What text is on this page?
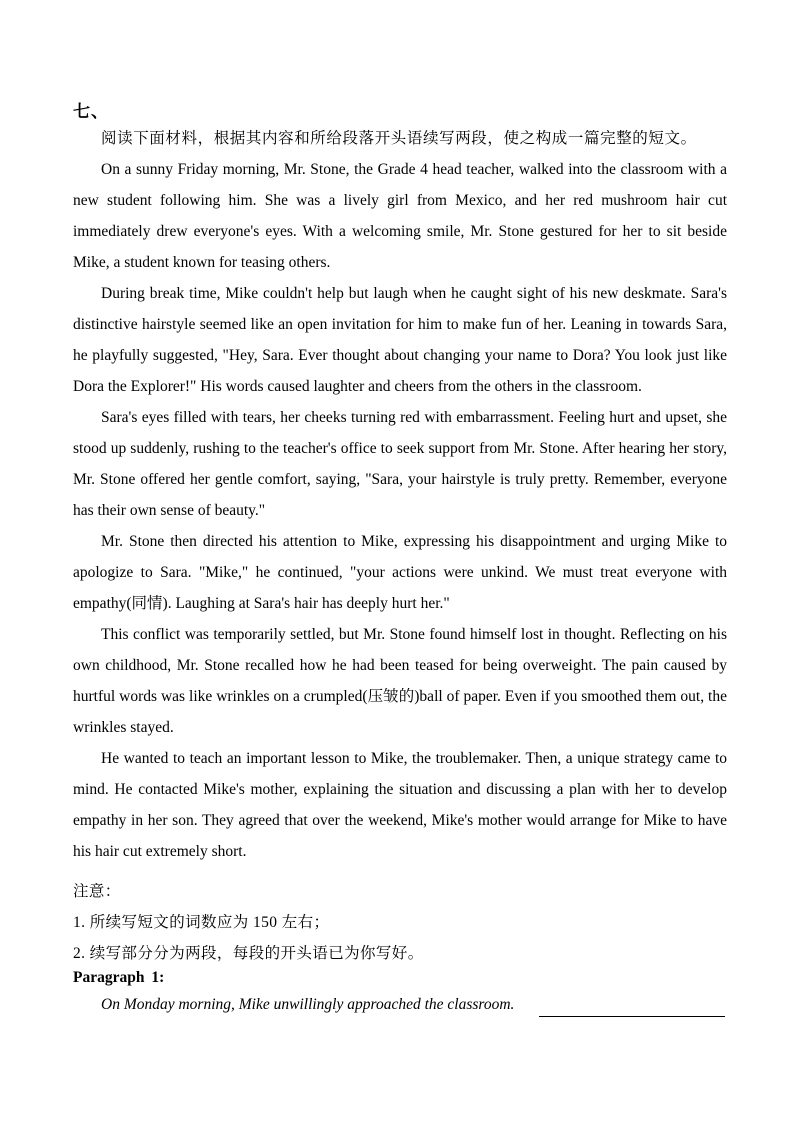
七、
阅读下面材料，根据其内容和所给段落开头语续写两段，使之构成一篇完整的短文。

On a sunny Friday morning, Mr. Stone, the Grade 4 head teacher, walked into the classroom with a new student following him. She was a lively girl from Mexico, and her red mushroom hair cut immediately drew everyone's eyes. With a welcoming smile, Mr. Stone gestured for her to sit beside Mike, a student known for teasing others.

During break time, Mike couldn't help but laugh when he caught sight of his new deskmate. Sara's distinctive hairstyle seemed like an open invitation for him to make fun of her. Leaning in towards Sara, he playfully suggested, "Hey, Sara. Ever thought about changing your name to Dora? You look just like Dora the Explorer!" His words caused laughter and cheers from the others in the classroom.

Sara's eyes filled with tears, her cheeks turning red with embarrassment. Feeling hurt and upset, she stood up suddenly, rushing to the teacher's office to seek support from Mr. Stone. After hearing her story, Mr. Stone offered her gentle comfort, saying, "Sara, your hairstyle is truly pretty. Remember, everyone has their own sense of beauty."

Mr. Stone then directed his attention to Mike, expressing his disappointment and urging Mike to apologize to Sara. "Mike," he continued, "your actions were unkind. We must treat everyone with empathy(同情). Laughing at Sara's hair has deeply hurt her."

This conflict was temporarily settled, but Mr. Stone found himself lost in thought. Reflecting on his own childhood, Mr. Stone recalled how he had been teased for being overweight. The pain caused by hurtful words was like wrinkles on a crumpled(压皱的)ball of paper. Even if you smoothed them out, the wrinkles stayed.

He wanted to teach an important lesson to Mike, the troublemaker. Then, a unique strategy came to mind. He contacted Mike's mother, explaining the situation and discussing a plan with her to develop empathy in her son. They agreed that over the weekend, Mike's mother would arrange for Mike to have his hair cut extremely short.

注意：
1. 所续写短文的词数应为 150 左右；
2. 续写部分分为两段，每段的开头语已为你写好。
Paragraph 1:
On Monday morning, Mike unwillingly approached the classroom.
